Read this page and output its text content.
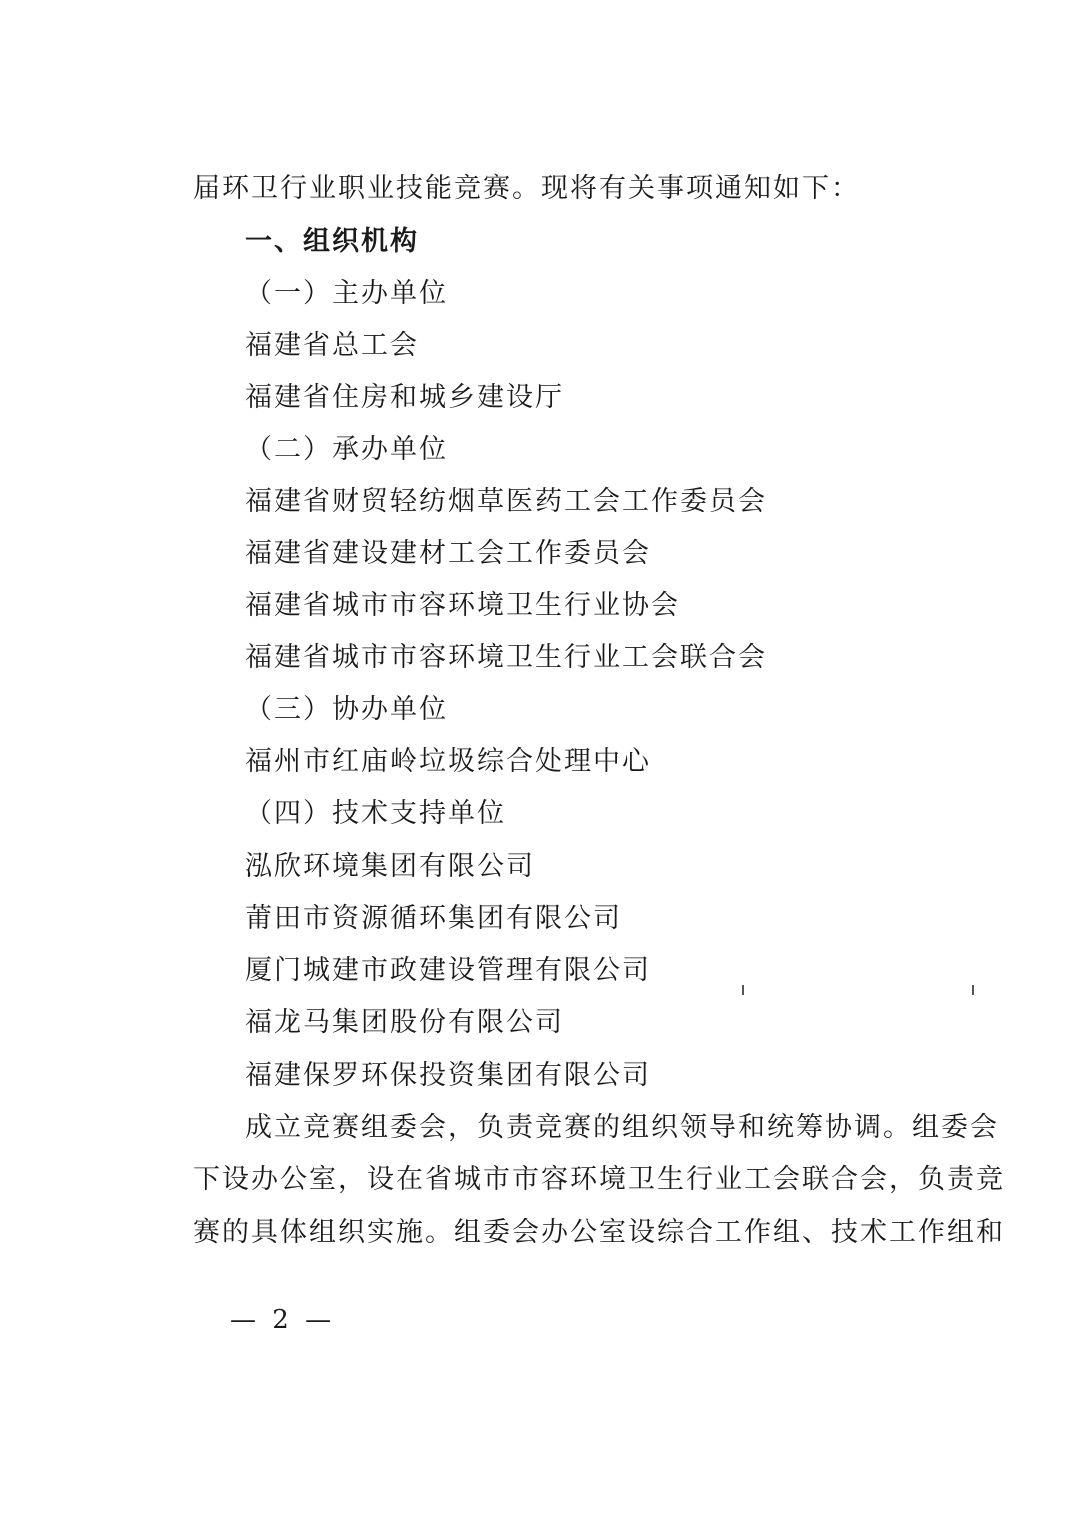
届环卫行业职业技能竞赛。现将有关事项通知如下：
一、组织机构
（一）主办单位
福建省总工会
福建省住房和城乡建设厅
（二）承办单位
福建省财贸轻纺烟草医药工会工作委员会
福建省建设建材工会工作委员会
福建省城市市容环境卫生行业协会
福建省城市市容环境卫生行业工会联合会
（三）协办单位
福州市红庙岭垃圾综合处理中心
（四）技术支持单位
泓欣环境集团有限公司
莆田市资源循环集团有限公司
厦门城建市政建设管理有限公司
福龙马集团股份有限公司
福建保罗环保投资集团有限公司
成立竞赛组委会，负责竞赛的组织领导和统筹协调。组委会
下设办公室，设在省城市市容环境卫生行业工会联合会，负责竞
赛的具体组织实施。组委会办公室设综合工作组、技术工作组和
— 2 —
